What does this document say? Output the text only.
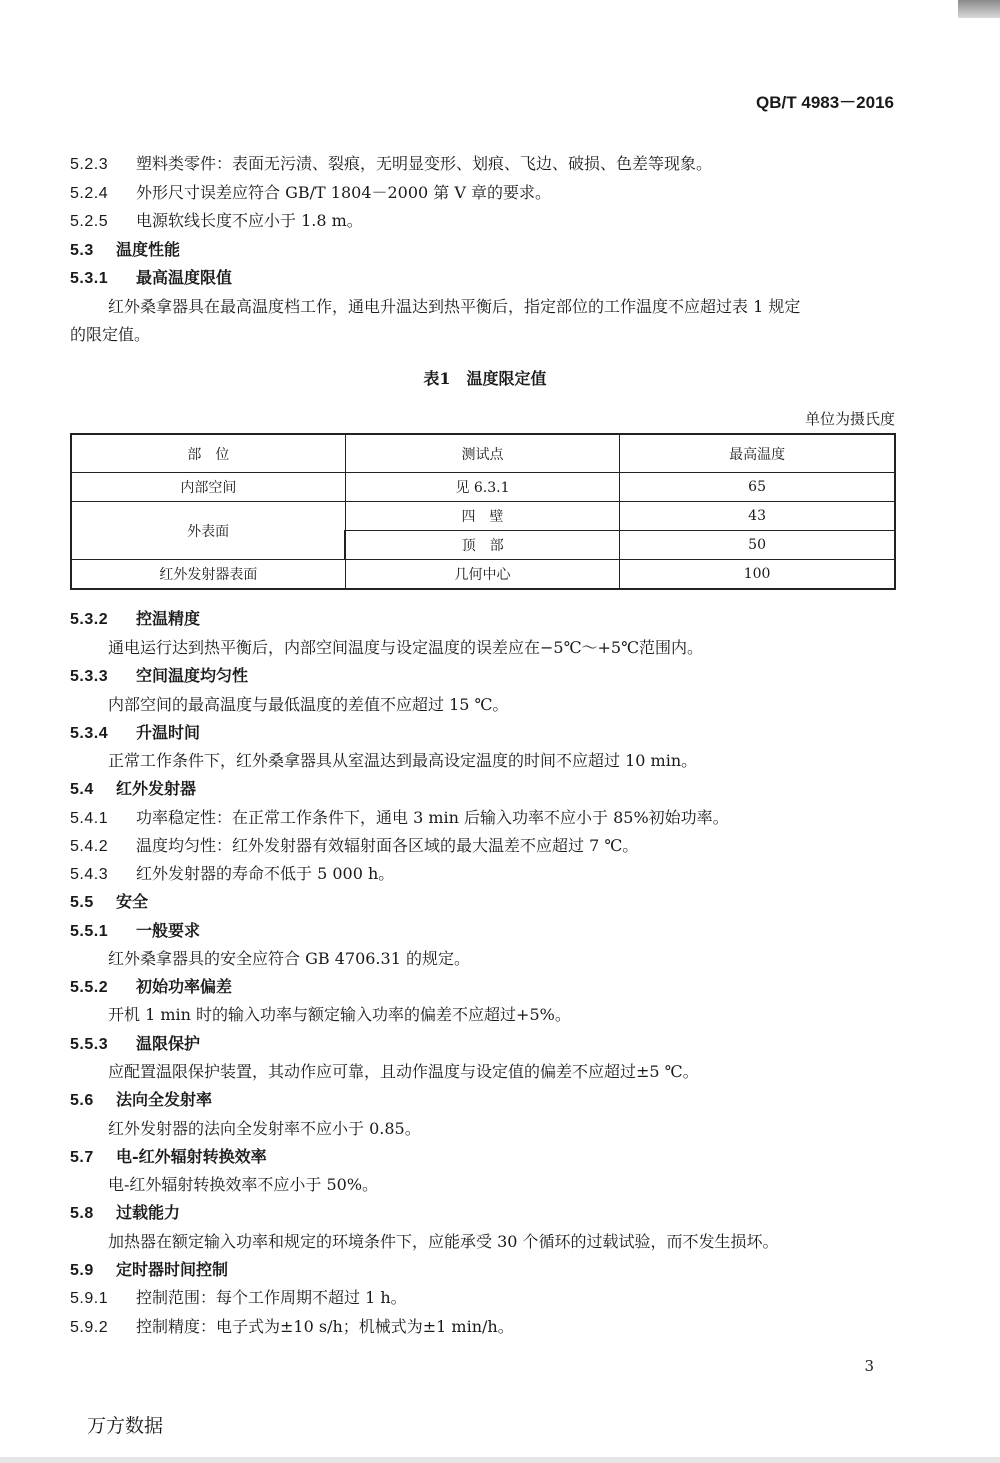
QB/T 4983－2016
5.2.3 塑料类零件：表面无污渍、裂痕，无明显变形、划痕、飞边、破损、色差等现象。
5.2.4 外形尺寸误差应符合 GB/T 1804－2000 第 V 章的要求。
5.2.5 电源软线长度不应小于 1.8 m。
5.3 温度性能
5.3.1 最高温度限值
红外桑拿器具在最高温度档工作，通电升温达到热平衡后，指定部位的工作温度不应超过表 1 规定
的限定值。
表1　温度限定值
单位为摄氏度
部　位	测试点	最高温度
内部空间	见 6.3.1	65
外表面	四　壁	43
	顶　部	50
红外发射器表面	几何中心	100
5.3.2 控温精度
通电运行达到热平衡后，内部空间温度与设定温度的误差应在−5℃～+5℃范围内。
5.3.3 空间温度均匀性
内部空间的最高温度与最低温度的差值不应超过 15 ℃。
5.3.4 升温时间
正常工作条件下，红外桑拿器具从室温达到最高设定温度的时间不应超过 10 min。
5.4 红外发射器
5.4.1 功率稳定性：在正常工作条件下，通电 3 min 后输入功率不应小于 85%初始功率。
5.4.2 温度均匀性：红外发射器有效辐射面各区域的最大温差不应超过 7 ℃。
5.4.3 红外发射器的寿命不低于 5 000 h。
5.5 安全
5.5.1 一般要求
红外桑拿器具的安全应符合 GB 4706.31 的规定。
5.5.2 初始功率偏差
开机 1 min 时的输入功率与额定输入功率的偏差不应超过+5%。
5.5.3 温限保护
应配置温限保护装置，其动作应可靠，且动作温度与设定值的偏差不应超过±5 ℃。
5.6 法向全发射率
红外发射器的法向全发射率不应小于 0.85。
5.7 电-红外辐射转换效率
电-红外辐射转换效率不应小于 50%。
5.8 过载能力
加热器在额定输入功率和规定的环境条件下，应能承受 30 个循环的过载试验，而不发生损坏。
5.9 定时器时间控制
5.9.1 控制范围：每个工作周期不超过 1 h。
5.9.2 控制精度：电子式为±10 s/h；机械式为±1 min/h。
3
万方数据
